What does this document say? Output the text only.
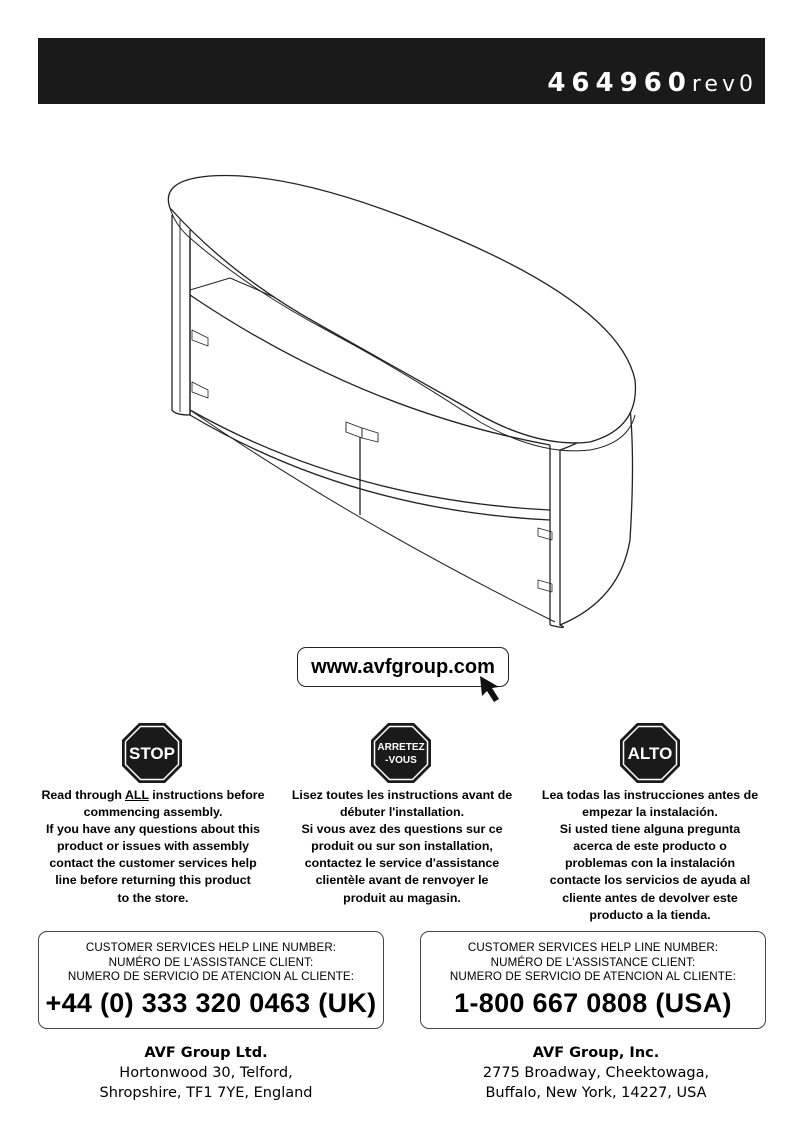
464960rev0
www.avfgroup.com
STOP	ARRETEZ
-VOUS	ALTO

Read through ALL instructions before

commencing assembly.

If you have any questions about this

product or issues with assembly

contact the customer services help

line before returning this product

to the store.

Lisez toutes les instructions avant de

débuter l'installation.

Si vous avez des questions sur ce

produit ou sur son installation,

contactez le service d'assistance

clientèle avant de renvoyer le

produit au magasin.

Lea todas las instrucciones antes de

empezar la instalación.

Si usted tiene alguna pregunta

acerca de este producto o

problemas con la instalación

contacte los servicios de ayuda al

cliente antes de devolver este

producto a la tienda.

CUSTOMER SERVICES HELP LINE NUMBER:
NUMÉRO DE L'ASSISTANCE CLIENT:
NUMERO DE SERVICIO DE ATENCION AL CLIENTE:
+44 (0) 333 320 0463 (UK)
CUSTOMER SERVICES HELP LINE NUMBER:
NUMÉRO DE L'ASSISTANCE CLIENT:
NUMERO DE SERVICIO DE ATENCION AL CLIENTE:
1-800 667 0808 (USA)
AVF Group Ltd.
Hortonwood 30, Telford,
Shropshire, TF1 7YE, England
AVF Group, Inc.
2775 Broadway, Cheektowaga,
Buffalo, New York, 14227, USA
